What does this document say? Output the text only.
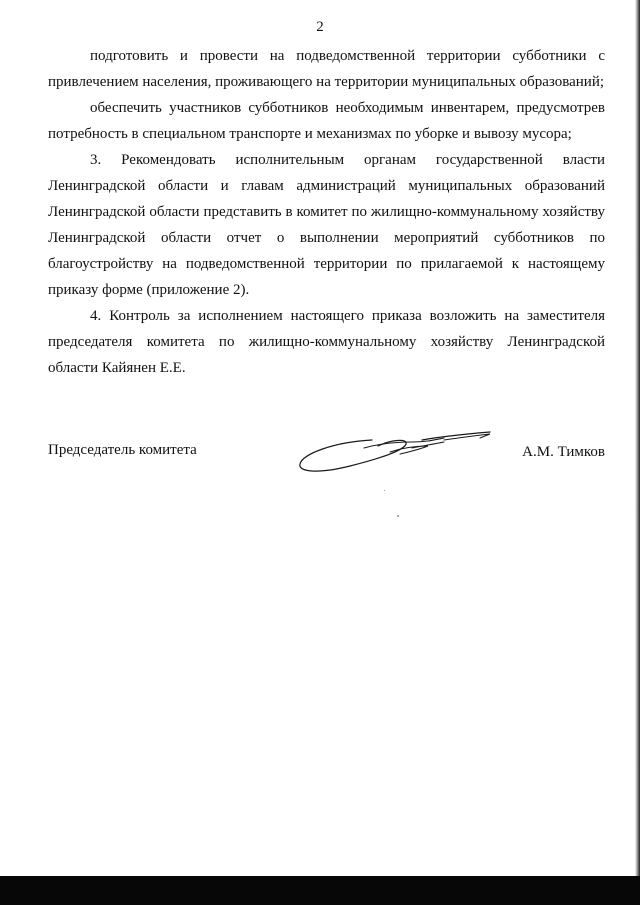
2

подготовить и провести на подведомственной территории субботники с привлечением населения, проживающего на территории муниципальных образований;

обеспечить участников субботников необходимым инвентарем, предусмотрев потребность в специальном транспорте и механизмах по уборке и вывозу мусора;

3. Рекомендовать исполнительным органам государственной власти Ленинградской области и главам администраций муниципальных образований Ленинградской области представить в комитет по жилищно-коммунальному хозяйству Ленинградской области отчет о выполнении мероприятий субботников по благоустройству на подведомственной территории по прилагаемой к настоящему приказу форме (приложение 2).

4. Контроль за исполнением настоящего приказа возложить на заместителя председателя комитета по жилищно-коммунальному хозяйству Ленинградской области Кайянен Е.Е.

Председатель комитета	А.М. Тимков
